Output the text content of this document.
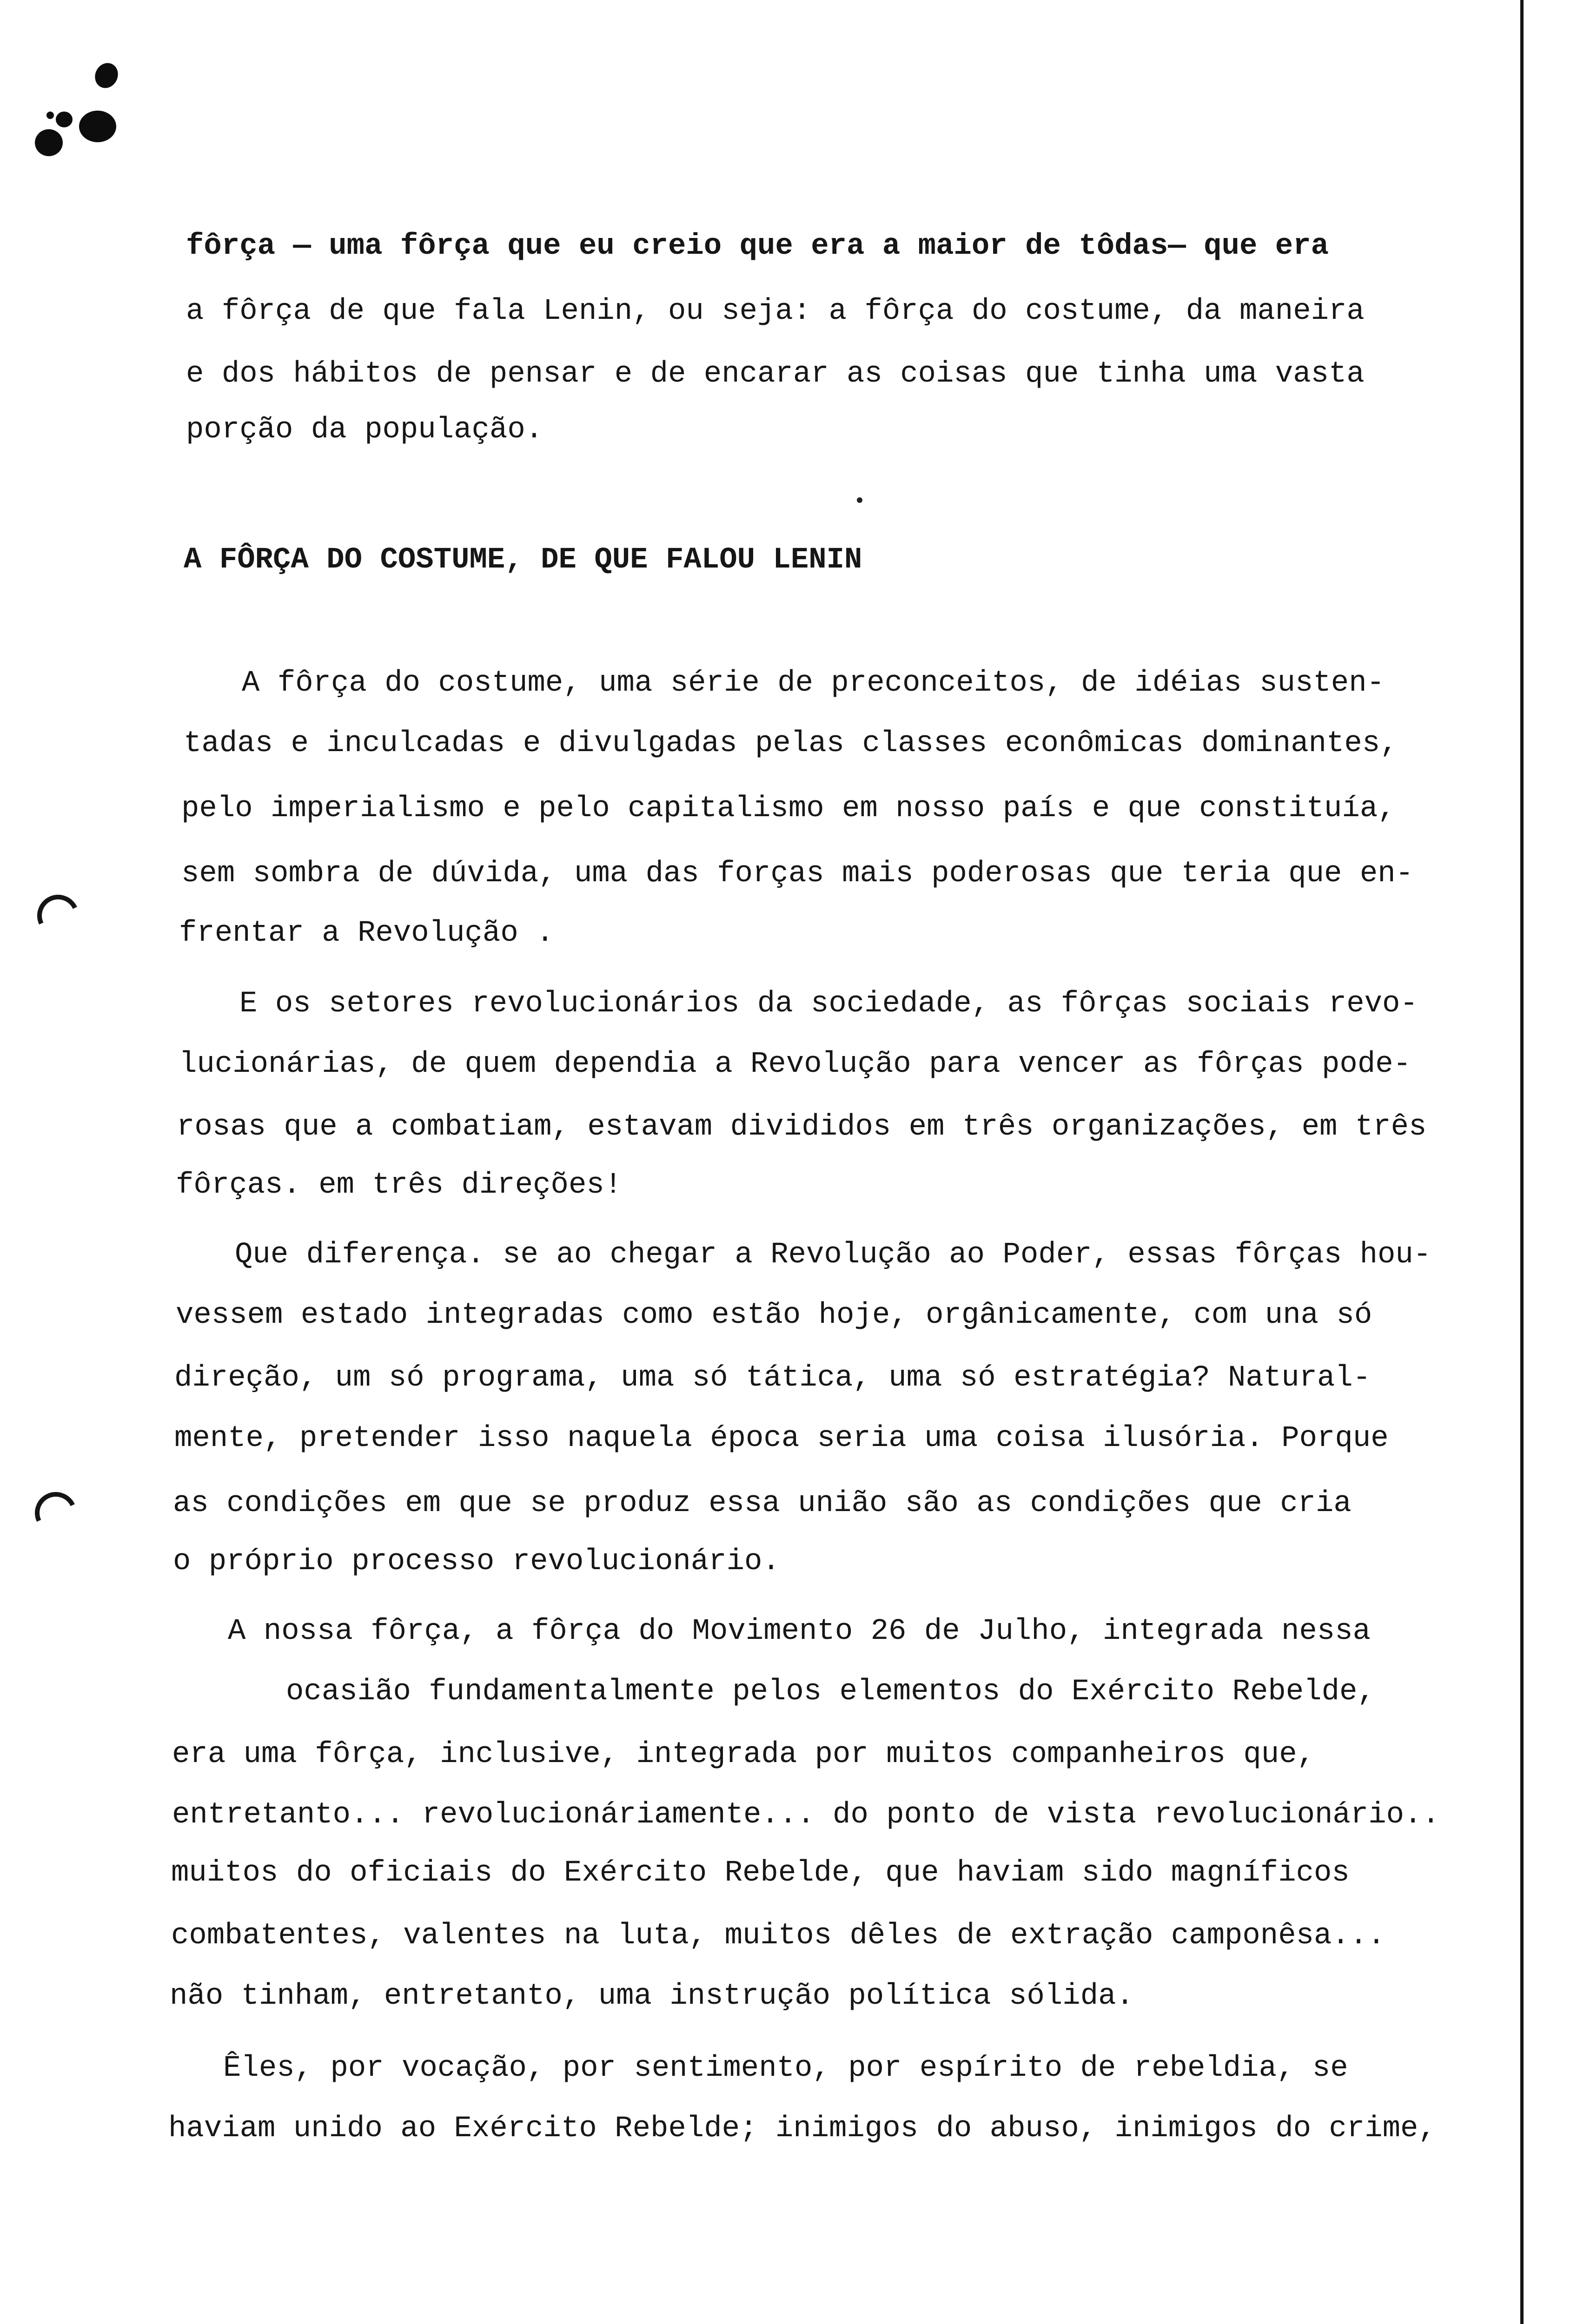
fôrça — uma fôrça que eu creio que era a maior de tôdas— que era
a fôrça de que fala Lenin, ou seja: a fôrça do costume, da maneira
e dos hábitos de pensar e de encarar as coisas que tinha uma vasta
porção da população.
A FÔRÇA DO COSTUME, DE QUE FALOU LENIN
A fôrça do costume, uma série de preconceitos, de idéias susten-
tadas e inculcadas e divulgadas pelas classes econômicas dominantes,
pelo imperialismo e pelo capitalismo em nosso país e que constituía,
sem sombra de dúvida, uma das forças mais poderosas que teria que en-
frentar a Revolução .
E os setores revolucionários da sociedade, as fôrças sociais revo-
lucionárias, de quem dependia a Revolução para vencer as fôrças pode-
rosas que a combatiam, estavam divididos em três organizações, em três
fôrças. em três direções!
Que diferença. se ao chegar a Revolução ao Poder, essas fôrças hou-
vessem estado integradas como estão hoje, orgânicamente, com una só
direção, um só programa, uma só tática, uma só estratégia? Natural-
mente, pretender isso naquela época seria uma coisa ilusória. Porque
as condições em que se produz essa união são as condições que cria
o próprio processo revolucionário.
A nossa fôrça, a fôrça do Movimento 26 de Julho, integrada nessa
ocasião fundamentalmente pelos elementos do Exército Rebelde,
era uma fôrça, inclusive, integrada por muitos companheiros que,
entretanto... revolucionáriamente... do ponto de vista revolucionário..
muitos do oficiais do Exército Rebelde, que haviam sido magníficos
combatentes, valentes na luta, muitos dêles de extração camponêsa...
não tinham, entretanto, uma instrução política sólida.
Êles, por vocação, por sentimento, por espírito de rebeldia, se
haviam unido ao Exército Rebelde; inimigos do abuso, inimigos do crime,
